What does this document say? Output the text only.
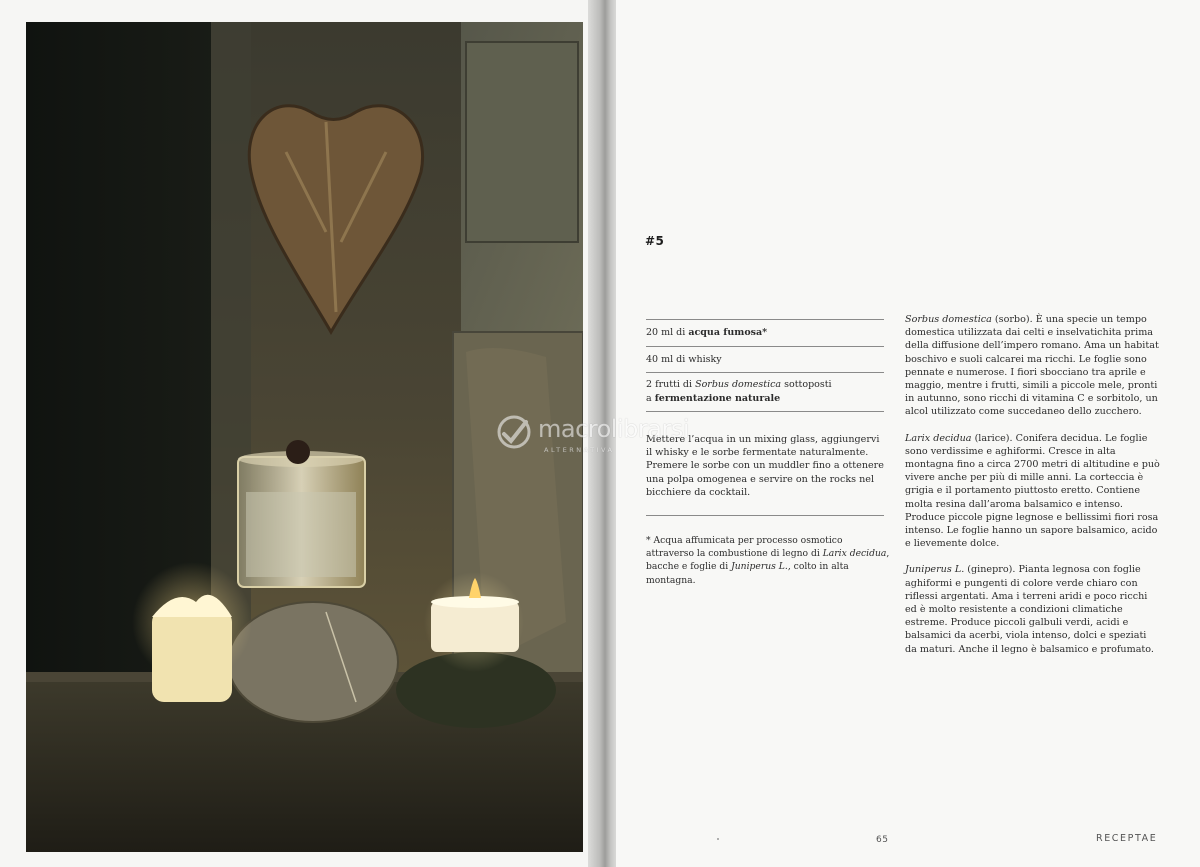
#5
20 ml di acqua fumosa*
40 ml di whisky
2 frutti di Sorbus domestica sottoposti
a fermentazione naturale
Mettere l’acqua in un mixing glass, aggiungervi il whisky e le sorbe fermentate naturalmente. Premere le sorbe con un muddler fino a ottenere una polpa omogenea e servire on the rocks nel bicchiere da cocktail.
* Acqua affumicata per processo osmotico attraverso la combustione di legno di Larix decidua, bacche e foglie di Juniperus L., colto in alta montagna.

Sorbus domestica (sorbo). È una specie un tempo domestica utilizzata dai celti e inselvatichita prima della diffusione dell’impero romano. Ama un habitat boschivo e suoli calcarei ma ricchi. Le foglie sono pennate e numerose. I fiori sbocciano tra aprile e maggio, mentre i frutti, simili a piccole mele, pronti in autunno, sono ricchi di vitamina C e sorbitolo, un alcol utilizzato come succedaneo dello zucchero.

Larix decidua (larice). Conifera decidua. Le foglie sono verdissime e aghiformi. Cresce in alta montagna fino a circa 2700 metri di altitudine e può vivere anche per più di mille anni. La corteccia è grigia e il portamento piuttosto eretto. Contiene molta resina dall’aroma balsamico e intenso. Produce piccole pigne legnose e bellissimi fiori rosa intenso. Le foglie hanno un sapore balsamico, acido e lievemente dolce.

Juniperus L. (ginepro). Pianta legnosa con foglie aghiformi e pungenti di colore verde chiaro con riflessi argentati. Ama i terreni aridi e poco ricchi ed è molto resistente a condizioni climatiche estreme. Produce piccoli galbuli verdi, acidi e balsamici da acerbi, viola intenso, dolci e speziati da maturi. Anche il legno è balsamico e profumato.

65	RECEPTAE
macrolibrarsi
ALTERNATIVA
